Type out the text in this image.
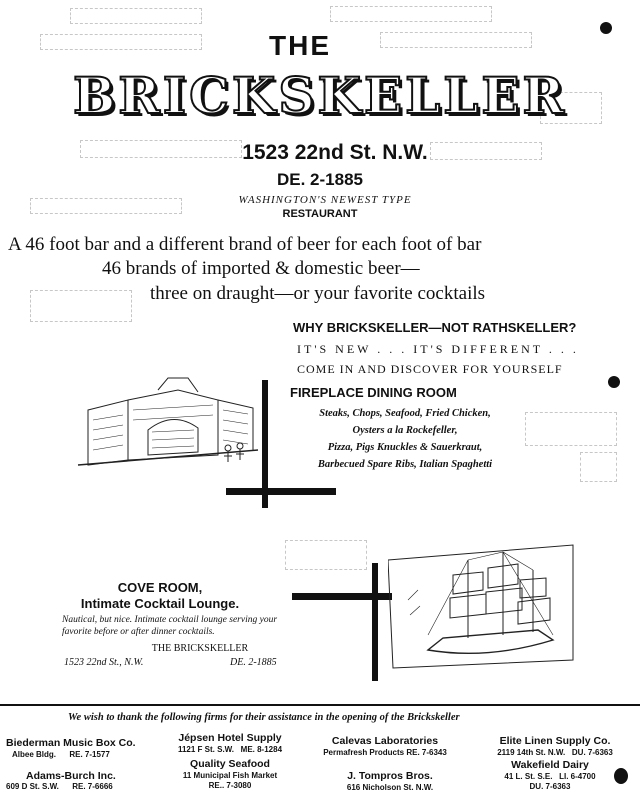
THE
BRICKSKELLER
1523 22nd St. N.W.
DE. 2-1885
WASHINGTON'S NEWEST TYPE
RESTAURANT
A 46 foot bar and a different brand of beer for each foot of bar
46 brands of imported & domestic beer—
three on draught—or your favorite cocktails
WHY BRICKSKELLER—NOT RATHSKELLER?
IT'S NEW . . . IT'S DIFFERENT . . .
COME IN AND DISCOVER FOR YOURSELF
FIREPLACE DINING ROOM
Steaks, Chops, Seafood, Fried Chicken,
Oysters a la Rockefeller,
Pizza, Pigs Knuckles & Sauerkraut,
Barbecued Spare Ribs, Italian Spaghetti
COVE ROOM,
Intimate Cocktail Lounge.
Nautical, but nice. Intimate cocktail lounge serving your
favorite before or after dinner cocktails.
THE BRICKSKELLER
1523 22nd St., N.W.	DE. 2-1885
We wish to thank the following firms for their assistance in the opening of the Brickskeller
Biederman Music Box Co.
Albee Bldg.      RE. 7-1577
Jépsen Hotel Supply
1121 F St. S.W.   ME. 8-1284
Calevas Laboratories
Permafresh Products RE. 7-6343
Elite Linen Supply Co.
2119 14th St. N.W.   DU. 7-6363
Quality Seafood
11 Municipal Fish Market
RE.. 7-3080
Wakefield Dairy
41 L. St. S.E.   LI. 6-4700
DU. 7-6363
Adams-Burch Inc.
609 D St. S.W.      RE. 7-6666
J. Tompros Bros.
616 Nicholson St. N.W.
